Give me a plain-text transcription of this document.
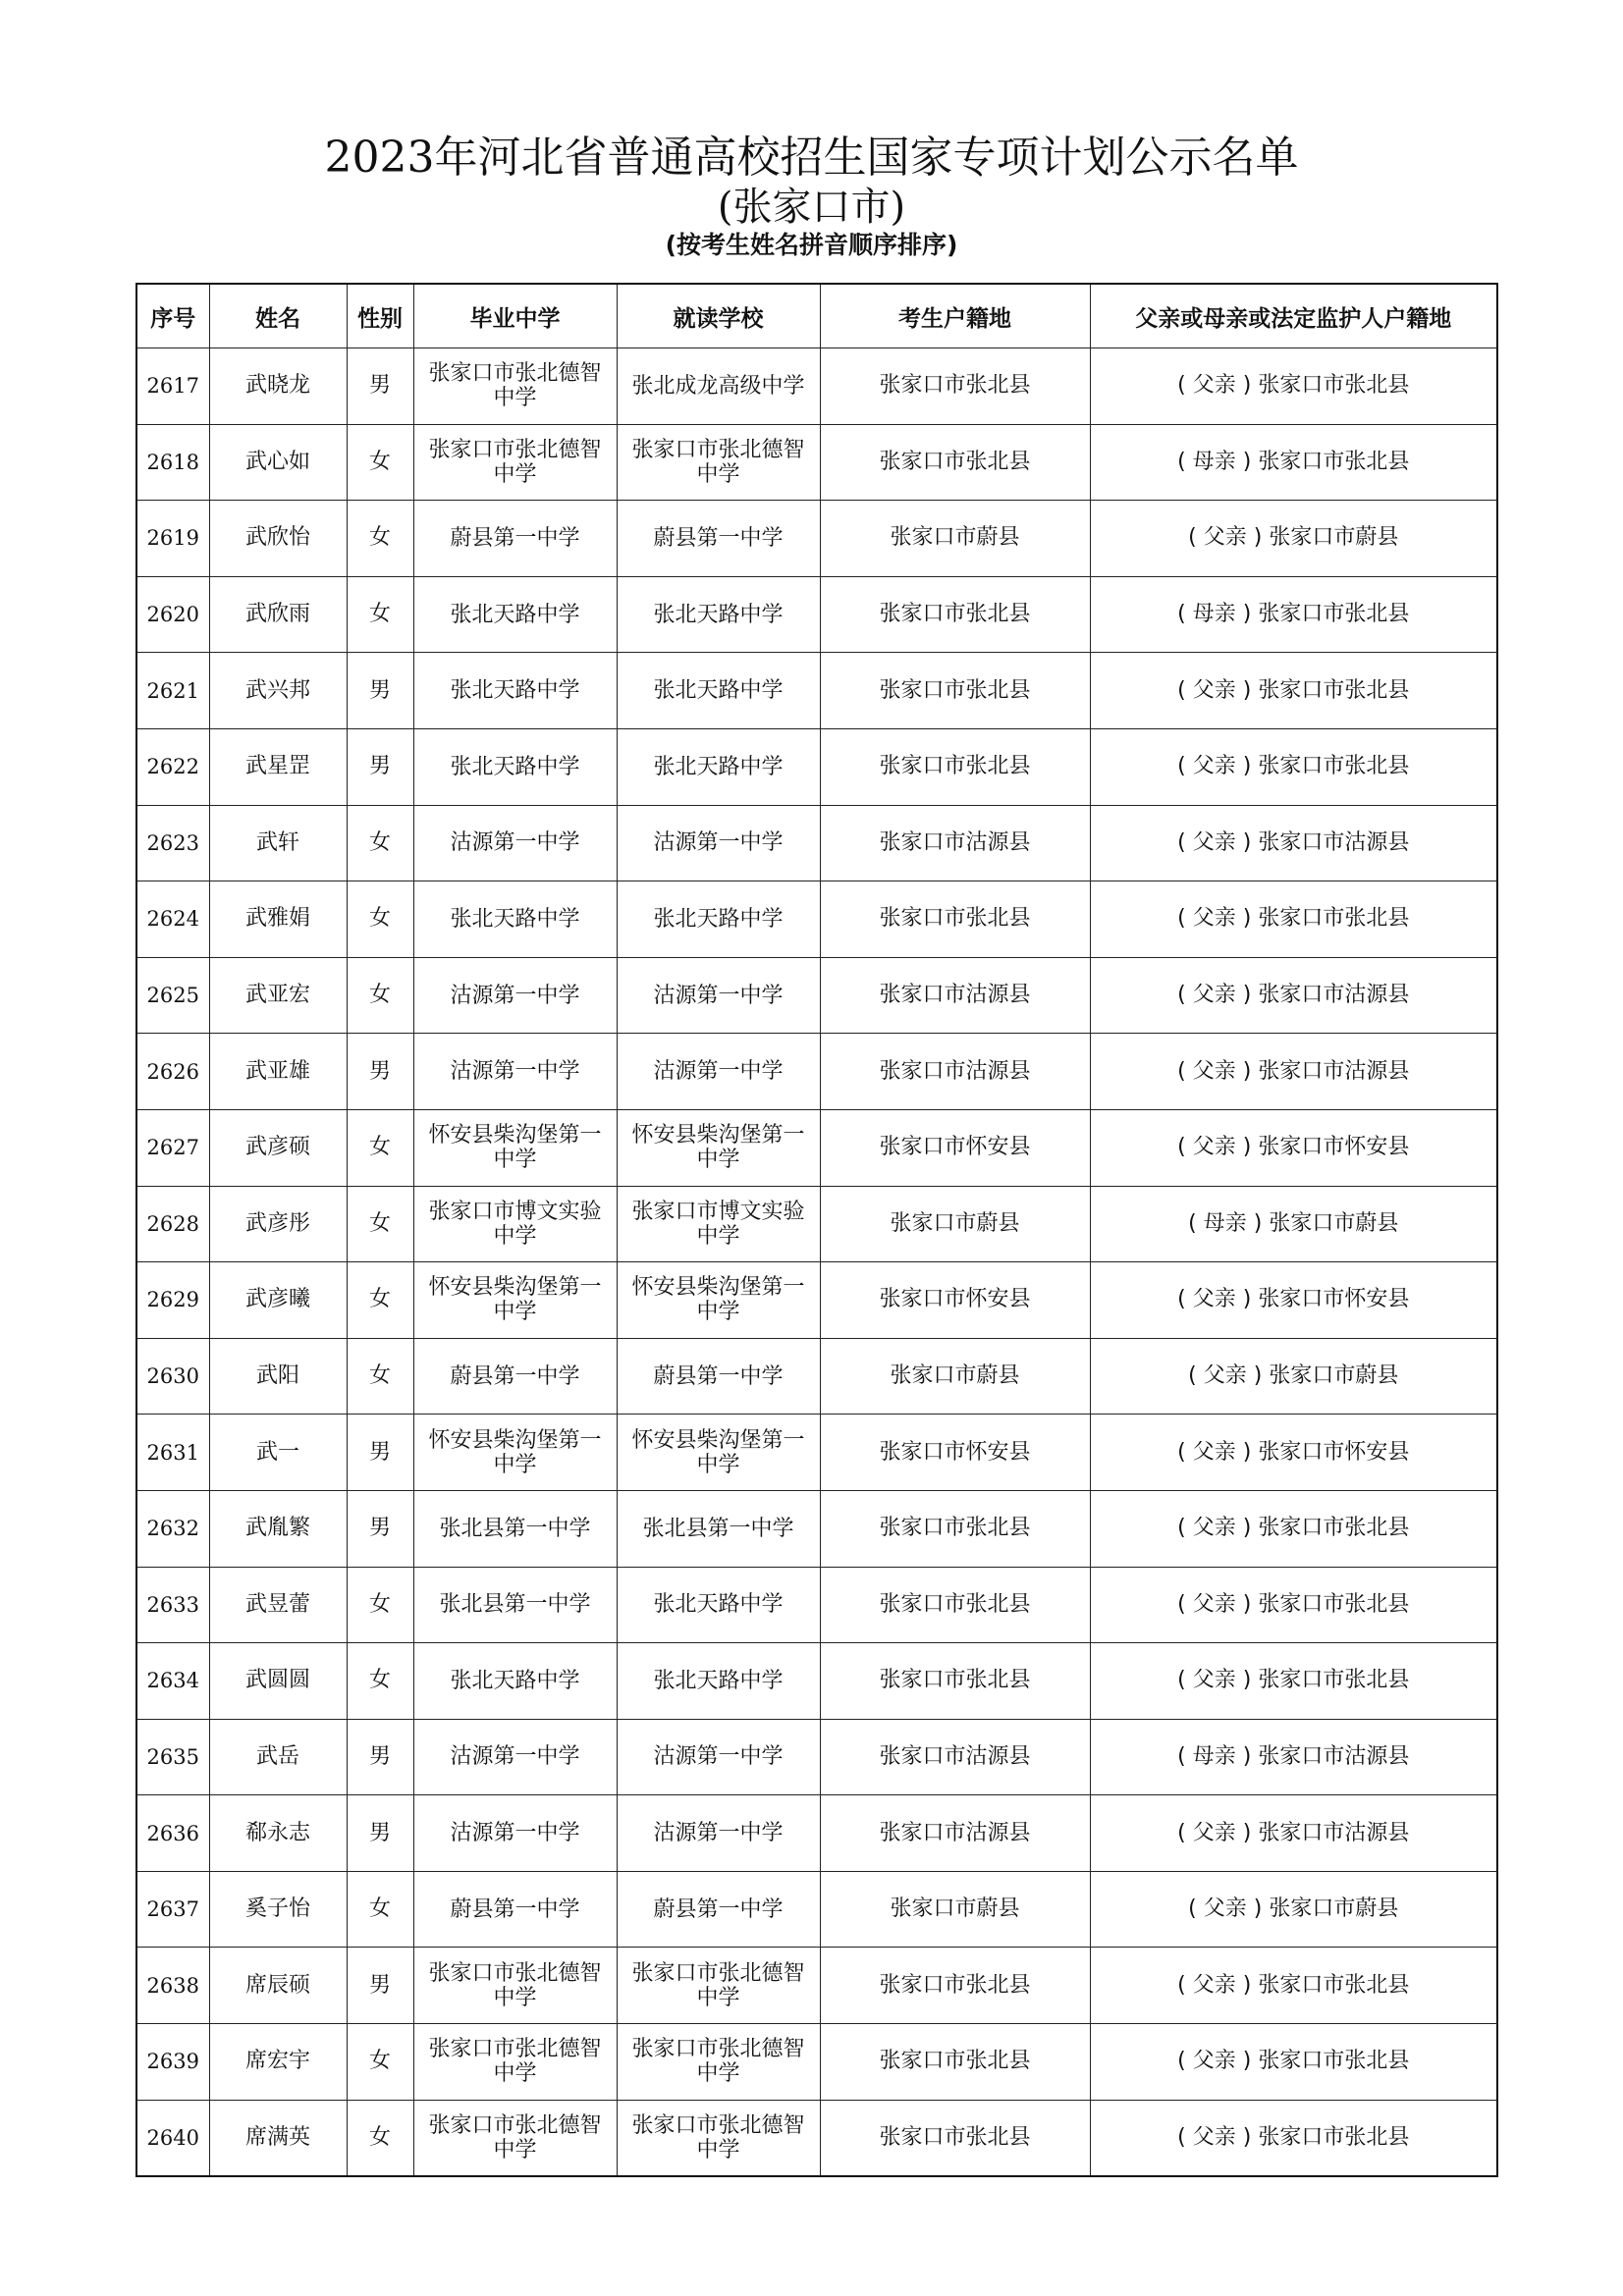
2023年河北省普通高校招生国家专项计划公示名单
(张家口市)
(按考生姓名拼音顺序排序)
序号	姓名	性别	毕业中学	就读学校	考生户籍地	父亲或母亲或法定监护人户籍地
2617	武晓龙	男	张家口市张北德智中学	张北成龙高级中学	张家口市张北县	( 父亲 ) 张家口市张北县
2618	武心如	女	张家口市张北德智中学	张家口市张北德智中学	张家口市张北县	( 母亲 ) 张家口市张北县
2619	武欣怡	女	蔚县第一中学	蔚县第一中学	张家口市蔚县	( 父亲 ) 张家口市蔚县
2620	武欣雨	女	张北天路中学	张北天路中学	张家口市张北县	( 母亲 ) 张家口市张北县
2621	武兴邦	男	张北天路中学	张北天路中学	张家口市张北县	( 父亲 ) 张家口市张北县
2622	武星罡	男	张北天路中学	张北天路中学	张家口市张北县	( 父亲 ) 张家口市张北县
2623	武轩	女	沽源第一中学	沽源第一中学	张家口市沽源县	( 父亲 ) 张家口市沽源县
2624	武雅娟	女	张北天路中学	张北天路中学	张家口市张北县	( 父亲 ) 张家口市张北县
2625	武亚宏	女	沽源第一中学	沽源第一中学	张家口市沽源县	( 父亲 ) 张家口市沽源县
2626	武亚雄	男	沽源第一中学	沽源第一中学	张家口市沽源县	( 父亲 ) 张家口市沽源县
2627	武彦硕	女	怀安县柴沟堡第一中学	怀安县柴沟堡第一中学	张家口市怀安县	( 父亲 ) 张家口市怀安县
2628	武彦彤	女	张家口市博文实验中学	张家口市博文实验中学	张家口市蔚县	( 母亲 ) 张家口市蔚县
2629	武彦曦	女	怀安县柴沟堡第一中学	怀安县柴沟堡第一中学	张家口市怀安县	( 父亲 ) 张家口市怀安县
2630	武阳	女	蔚县第一中学	蔚县第一中学	张家口市蔚县	( 父亲 ) 张家口市蔚县
2631	武一	男	怀安县柴沟堡第一中学	怀安县柴沟堡第一中学	张家口市怀安县	( 父亲 ) 张家口市怀安县
2632	武胤繁	男	张北县第一中学	张北县第一中学	张家口市张北县	( 父亲 ) 张家口市张北县
2633	武昱蕾	女	张北县第一中学	张北天路中学	张家口市张北县	( 父亲 ) 张家口市张北县
2634	武圆圆	女	张北天路中学	张北天路中学	张家口市张北县	( 父亲 ) 张家口市张北县
2635	武岳	男	沽源第一中学	沽源第一中学	张家口市沽源县	( 母亲 ) 张家口市沽源县
2636	郗永志	男	沽源第一中学	沽源第一中学	张家口市沽源县	( 父亲 ) 张家口市沽源县
2637	奚子怡	女	蔚县第一中学	蔚县第一中学	张家口市蔚县	( 父亲 ) 张家口市蔚县
2638	席辰硕	男	张家口市张北德智中学	张家口市张北德智中学	张家口市张北县	( 父亲 ) 张家口市张北县
2639	席宏宇	女	张家口市张北德智中学	张家口市张北德智中学	张家口市张北县	( 父亲 ) 张家口市张北县
2640	席满英	女	张家口市张北德智中学	张家口市张北德智中学	张家口市张北县	( 父亲 ) 张家口市张北县
